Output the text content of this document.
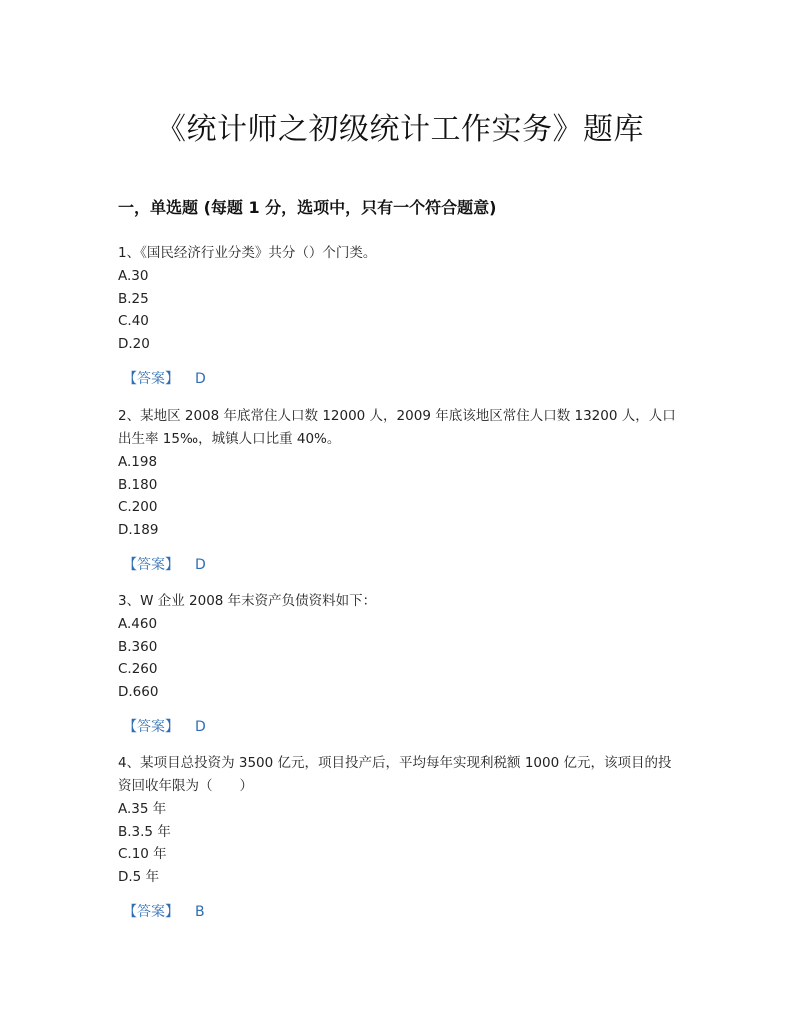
《统计师之初级统计工作实务》题库
一，单选题 (每题 1 分，选项中，只有一个符合题意)

1、《国民经济行业分类》共分（）个门类。

A.30

B.25

C.40

D.20

【答案】 D

2、某地区 2008 年底常住人口数 12000 人，2009 年底该地区常住人口数 13200 人，人口出生率 15‰，城镇人口比重 40%。

A.198

B.180

C.200

D.189

【答案】 D

3、W 企业 2008 年末资产负债资料如下：

A.460

B.360

C.260

D.660

【答案】 D

4、某项目总投资为 3500 亿元，项目投产后，平均每年实现利税额 1000 亿元，该项目的投资回收年限为（　　）

A.35 年

B.3.5 年

C.10 年

D.5 年

【答案】 B
